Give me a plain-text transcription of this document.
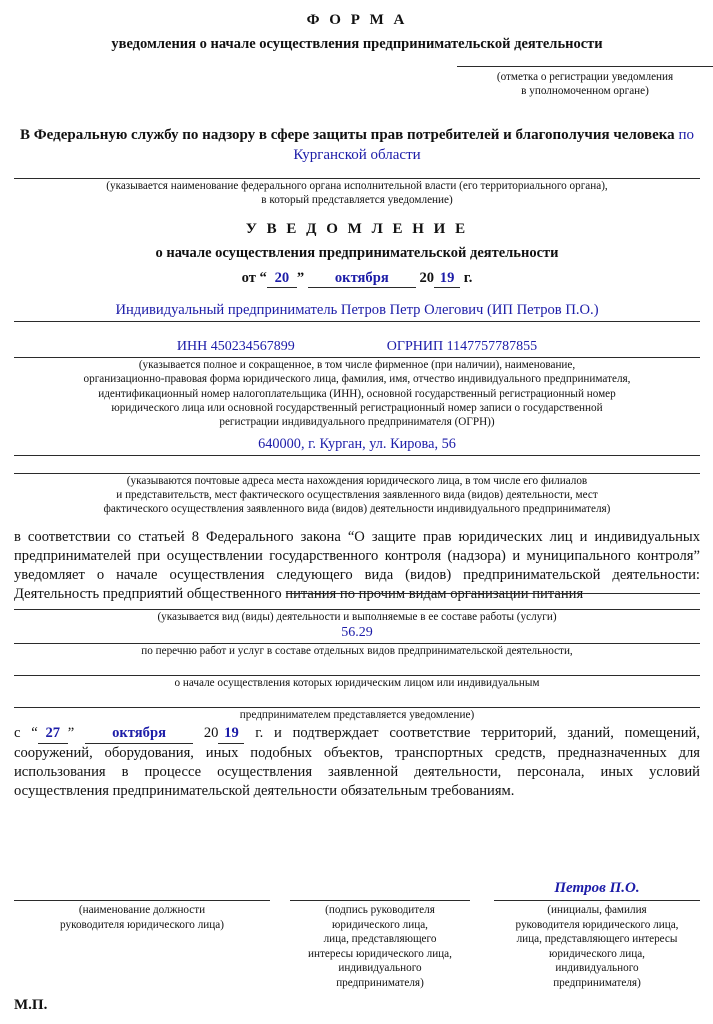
Ф О Р М А
уведомления о начале осуществления предпринимательской деятельности
(отметка о регистрации уведомления
в уполномоченном органе)
В Федеральную службу по надзору в сфере защиты прав потребителей и благополучия человека по Курганской области
(указывается наименование федерального органа исполнительной власти (его территориального органа),
в который представляется уведомление)
У В Е Д О М Л Е Н И Е
о начале осуществления предпринимательской деятельности
от “ 20 ” октября 20 19 г.
Индивидуальный предприниматель Петров Петр Олегович (ИП Петров П.О.)
ИНН 450234567899	ОГРНИП 1147757787855
(указывается полное и сокращенное, в том числе фирменное (при наличии), наименование,
организационно-правовая форма юридического лица, фамилия, имя, отчество индивидуального предпринимателя,
идентификационный номер налогоплательщика (ИНН), основной государственный регистрационный номер
юридического лица или основной государственный регистрационный номер записи о государственной
регистрации индивидуального предпринимателя (ОГРН))
640000, г. Курган, ул. Кирова, 56
(указываются почтовые адреса места нахождения юридического лица, в том числе его филиалов
и представительств, мест фактического осуществления заявленного вида (видов) деятельности, мест
фактического осуществления заявленного вида (видов) деятельности индивидуального предпринимателя)
в соответствии со статьей 8 Федерального закона “О защите прав юридических лиц и индивидуальных предпринимателей при осуществлении государственного контроля (надзора) и муниципального контроля” уведомляет о начале осуществления следующего вида (видов) предпринимательской деятельности: Деятельность предприятий общественного питания по прочим видам организации питания
(указывается вид (виды) деятельности и выполняемые в ее составе работы (услуги)
56.29
по перечню работ и услуг в составе отдельных видов предпринимательской деятельности,
о начале осуществления которых юридическим лицом или индивидуальным
предпринимателем представляется уведомление)
с “ 27 ”	октября	20 19 г. и подтверждает соответствие территорий, зданий, помещений, сооружений, оборудования, иных подобных объектов, транспортных средств, предназначенных для использования в процессе осуществления заявленной деятельности, персонала, иных условий осуществления предпринимательской деятельности обязательным требованиям.
(наименование должности
руководителя юридического лица)
(подпись руководителя
юридического лица,
лица, представляющего
интересы юридического лица,
индивидуального
предпринимателя)
Петров П.О.
(инициалы, фамилия
руководителя юридического лица,
лица, представляющего интересы
юридического лица,
индивидуального
предпринимателя)
М.П.
